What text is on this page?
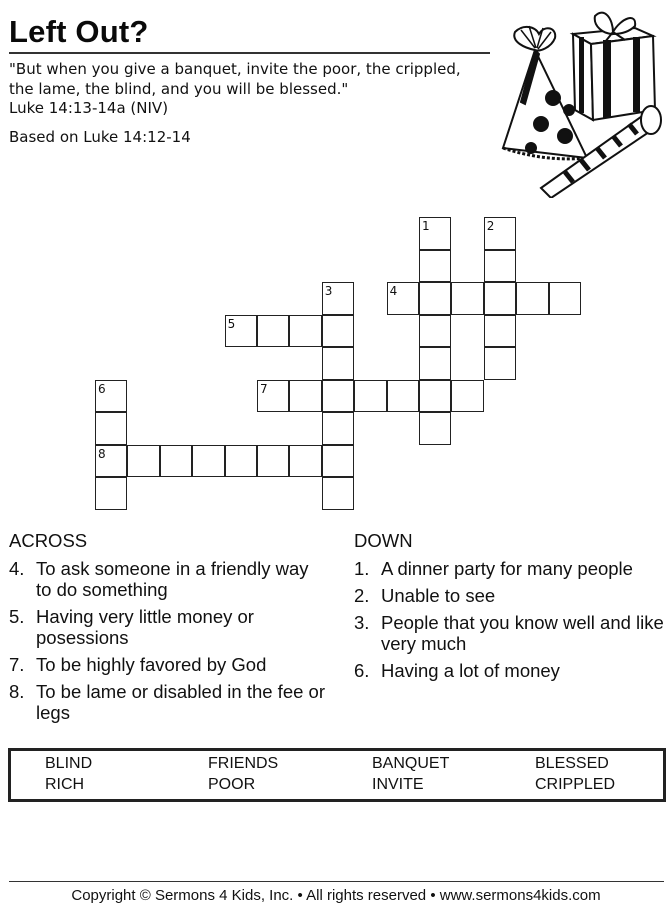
Left Out?
"But when you give a banquet, invite the poor, the crippled, the lame, the blind, and you will be blessed."
Luke 14:13-14a (NIV)
Based on Luke 14:12-14
1	2
3	4
5
6
8
7
ACROSS
4. To ask someone in a friendly way to do something
5. Having very little money or posessions
7. To be highly favored by God
8. To be lame or disabled in the fee or legs
DOWN
1. A dinner party for many people
2. Unable to see
3. People that you know well and like very much
6. Having a lot of money
BLIND	FRIENDS	BANQUET	BLESSED
RICH	POOR	INVITE	CRIPPLED
Copyright © Sermons 4 Kids, Inc. • All rights reserved • www.sermons4kids.com
